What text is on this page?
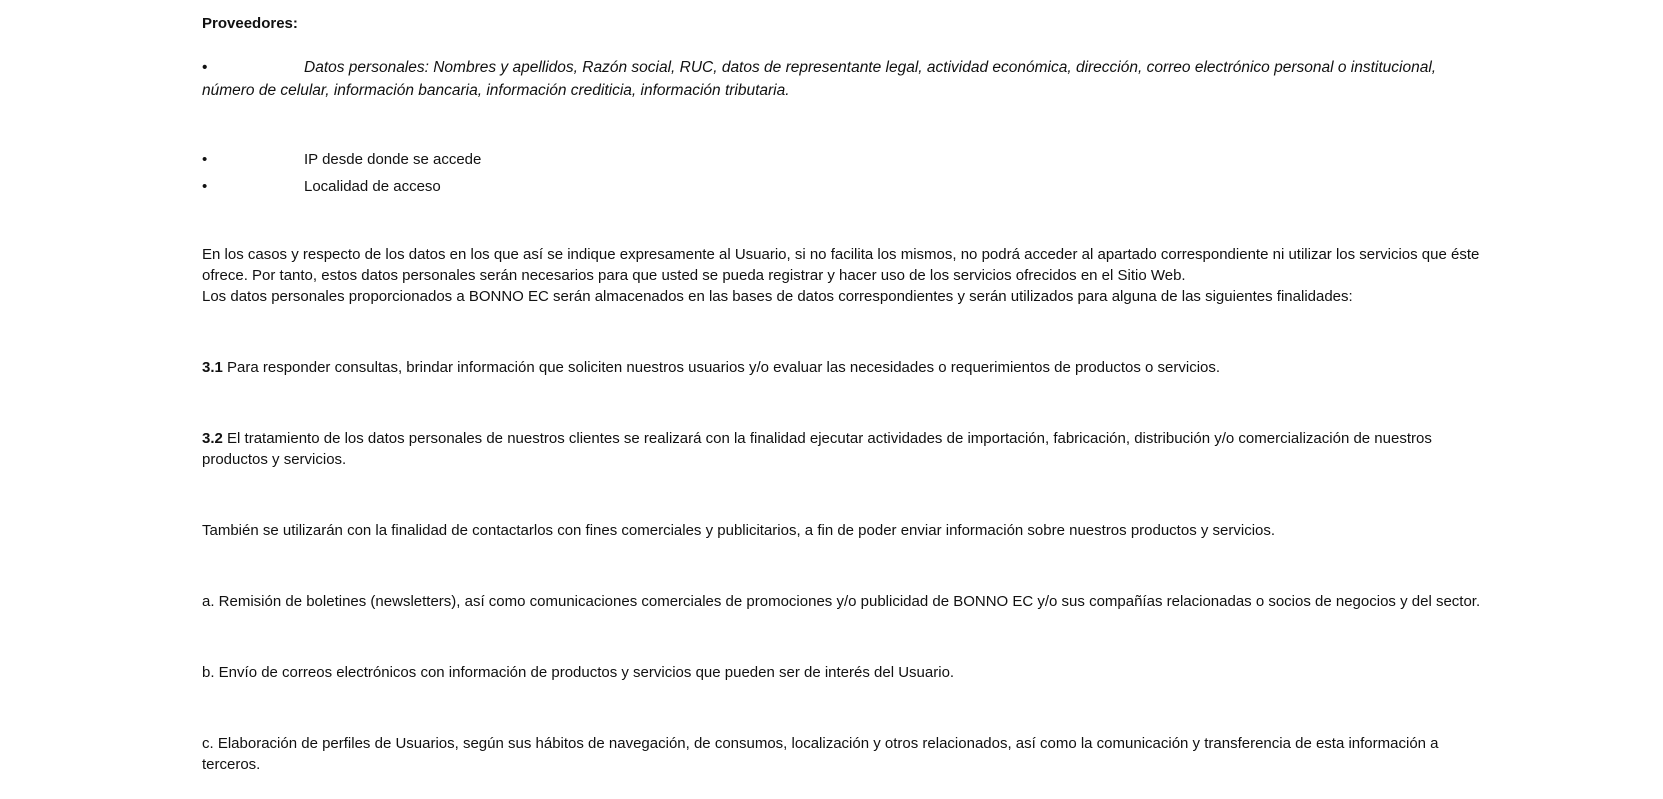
Proveedores:

•	Datos personales: Nombres y apellidos, Razón social, RUC, datos de representante legal, actividad económica, dirección, correo electrónico personal o institucional, número de celular, información bancaria, información crediticia, información tributaria.

•	IP desde donde se accede

•	Localidad de acceso

En los casos y respecto de los datos en los que así se indique expresamente al Usuario, si no facilita los mismos, no podrá acceder al apartado correspondiente ni utilizar los servicios que éste ofrece. Por tanto, estos datos personales serán necesarios para que usted se pueda registrar y hacer uso de los servicios ofrecidos en el Sitio Web.

Los datos personales proporcionados a BONNO EC serán almacenados en las bases de datos correspondientes y serán utilizados para alguna de las siguientes finalidades:

3.1 Para responder consultas, brindar información que soliciten nuestros usuarios y/o evaluar las necesidades o requerimientos de productos o servicios.

3.2 El tratamiento de los datos personales de nuestros clientes se realizará con la finalidad ejecutar actividades de importación, fabricación, distribución y/o comercialización de nuestros productos y servicios.

También se utilizarán con la finalidad de contactarlos con fines comerciales y publicitarios, a fin de poder enviar información sobre nuestros productos y servicios.

a. Remisión de boletines (newsletters), así como comunicaciones comerciales de promociones y/o publicidad de BONNO EC y/o sus compañías relacionadas o socios de negocios y del sector.

b. Envío de correos electrónicos con información de productos y servicios que pueden ser de interés del Usuario.

c. Elaboración de perfiles de Usuarios, según sus hábitos de navegación, de consumos, localización y otros relacionados, así como la comunicación y transferencia de esta información a terceros.
